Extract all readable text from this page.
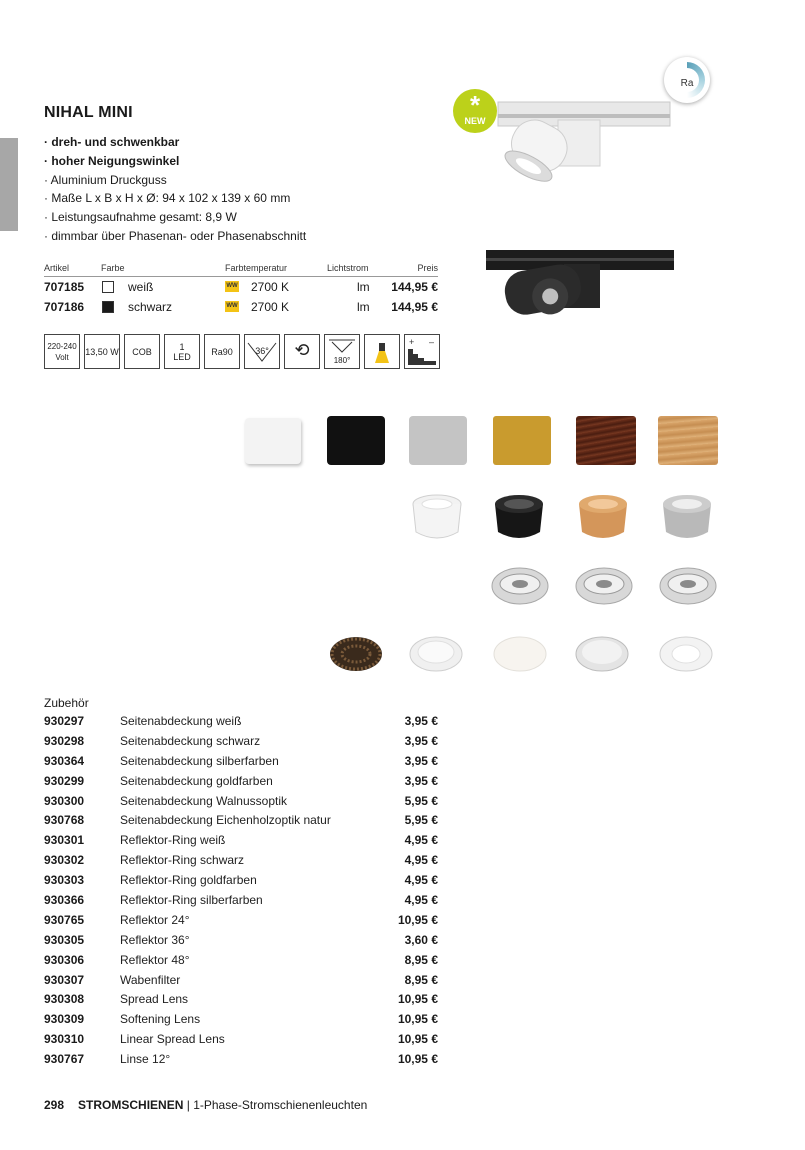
Ra
NIHAL MINI
· dreh- und schwenkbar
· hoher Neigungswinkel
· Aluminium Druckguss
· Maße L x B x H x Ø: 94 x 102 x 139 x 60 mm
· Leistungsaufnahme gesamt: 8,9 W
· dimmbar über Phasenan- oder Phasenabschnitt
*
NEW
Artikel	Farbe	Farbtemperatur	Lichtstrom	Preis
707185	weiß	WW 2700 K	lm 144,95 €
707186	schwarz	WW 2700 K	lm 144,95 €
220-240
Volt
13,50 W	COB	1
LED	Ra90	36°	⟲
180°
+ –
Zubehör
930297	Seitenabdeckung weiß	3,95 €
930298	Seitenabdeckung schwarz	3,95 €
930364	Seitenabdeckung silberfarben	3,95 €
930299	Seitenabdeckung goldfarben	3,95 €
930300	Seitenabdeckung Walnussoptik	5,95 €
930768	Seitenabdeckung Eichenholzoptik natur	5,95 €
930301	Reflektor-Ring weiß	4,95 €
930302	Reflektor-Ring schwarz	4,95 €
930303	Reflektor-Ring goldfarben	4,95 €
930366	Reflektor-Ring silberfarben	4,95 €
930765	Reflektor 24°	10,95 €
930305	Reflektor 36°	3,60 €
930306	Reflektor 48°	8,95 €
930307	Wabenfilter	8,95 €
930308	Spread Lens	10,95 €
930309	Softening Lens	10,95 €
930310	Linear Spread Lens	10,95 €
930767	Linse 12°	10,95 €
298 STROMSCHIENEN | 1-Phase-Stromschienenleuchten
